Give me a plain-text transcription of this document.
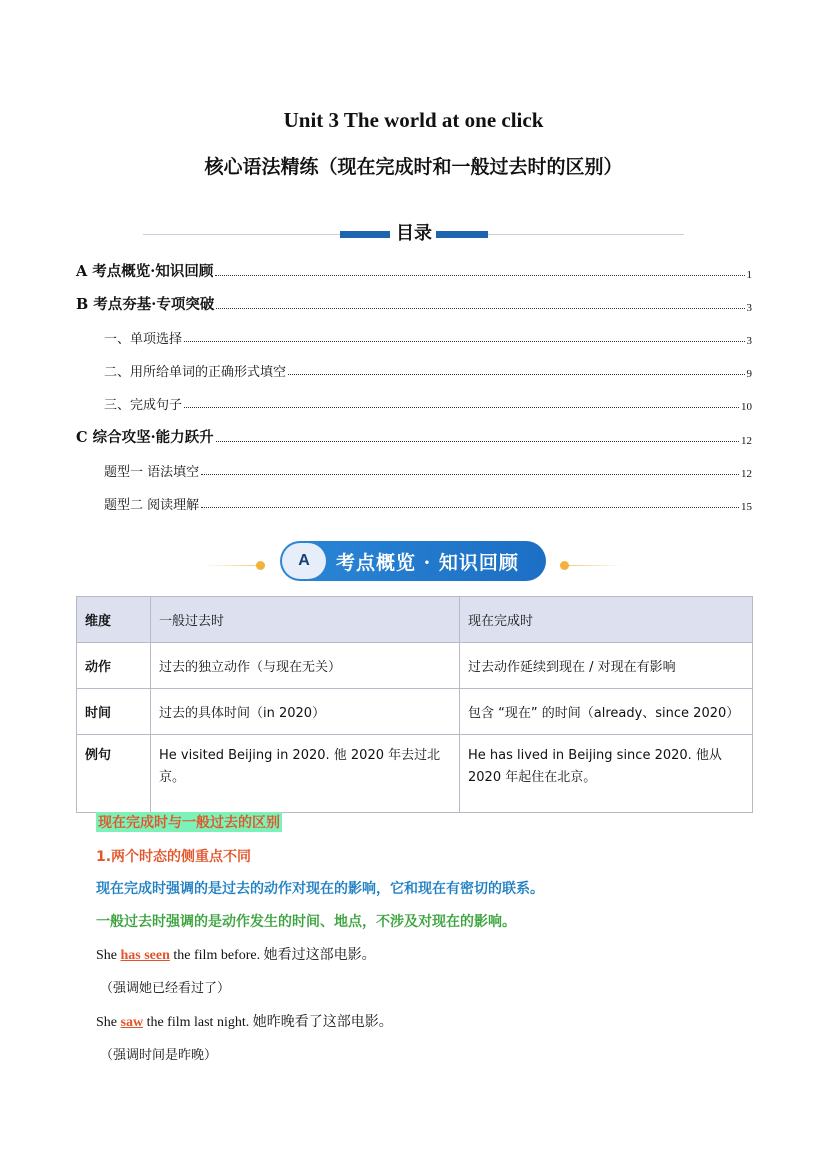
Unit 3 The world at one click
核心语法精练（现在完成时和一般过去时的区别）
目录
A 考点概览·知识回顾	1
B 考点夯基·专项突破	3
一、单项选择	3
二、用所给单词的正确形式填空	9
三、完成句子	10
C 综合攻坚·能力跃升	12
题型一 语法填空	12
题型二 阅读理解	15
A	考点概览 · 知识回顾
维度	一般过去时	现在完成时
动作	过去的独立动作（与现在无关）	过去动作延续到现在 / 对现在有影响
时间	过去的具体时间（in 2020）	包含 “现在” 的时间（already、since 2020）
例句	He visited Beijing in 2020. 他 2020 年去过北京。	He has lived in Beijing since 2020. 他从 2020 年起住在北京。
现在完成时与一般过去的区别
1.两个时态的侧重点不同
现在完成时强调的是过去的动作对现在的影响，它和现在有密切的联系。
一般过去时强调的是动作发生的时间、地点，不涉及对现在的影响。
She has seen the film before. 她看过这部电影。
（强调她已经看过了）
She saw the film last night. 她昨晚看了这部电影。
（强调时间是昨晚）
